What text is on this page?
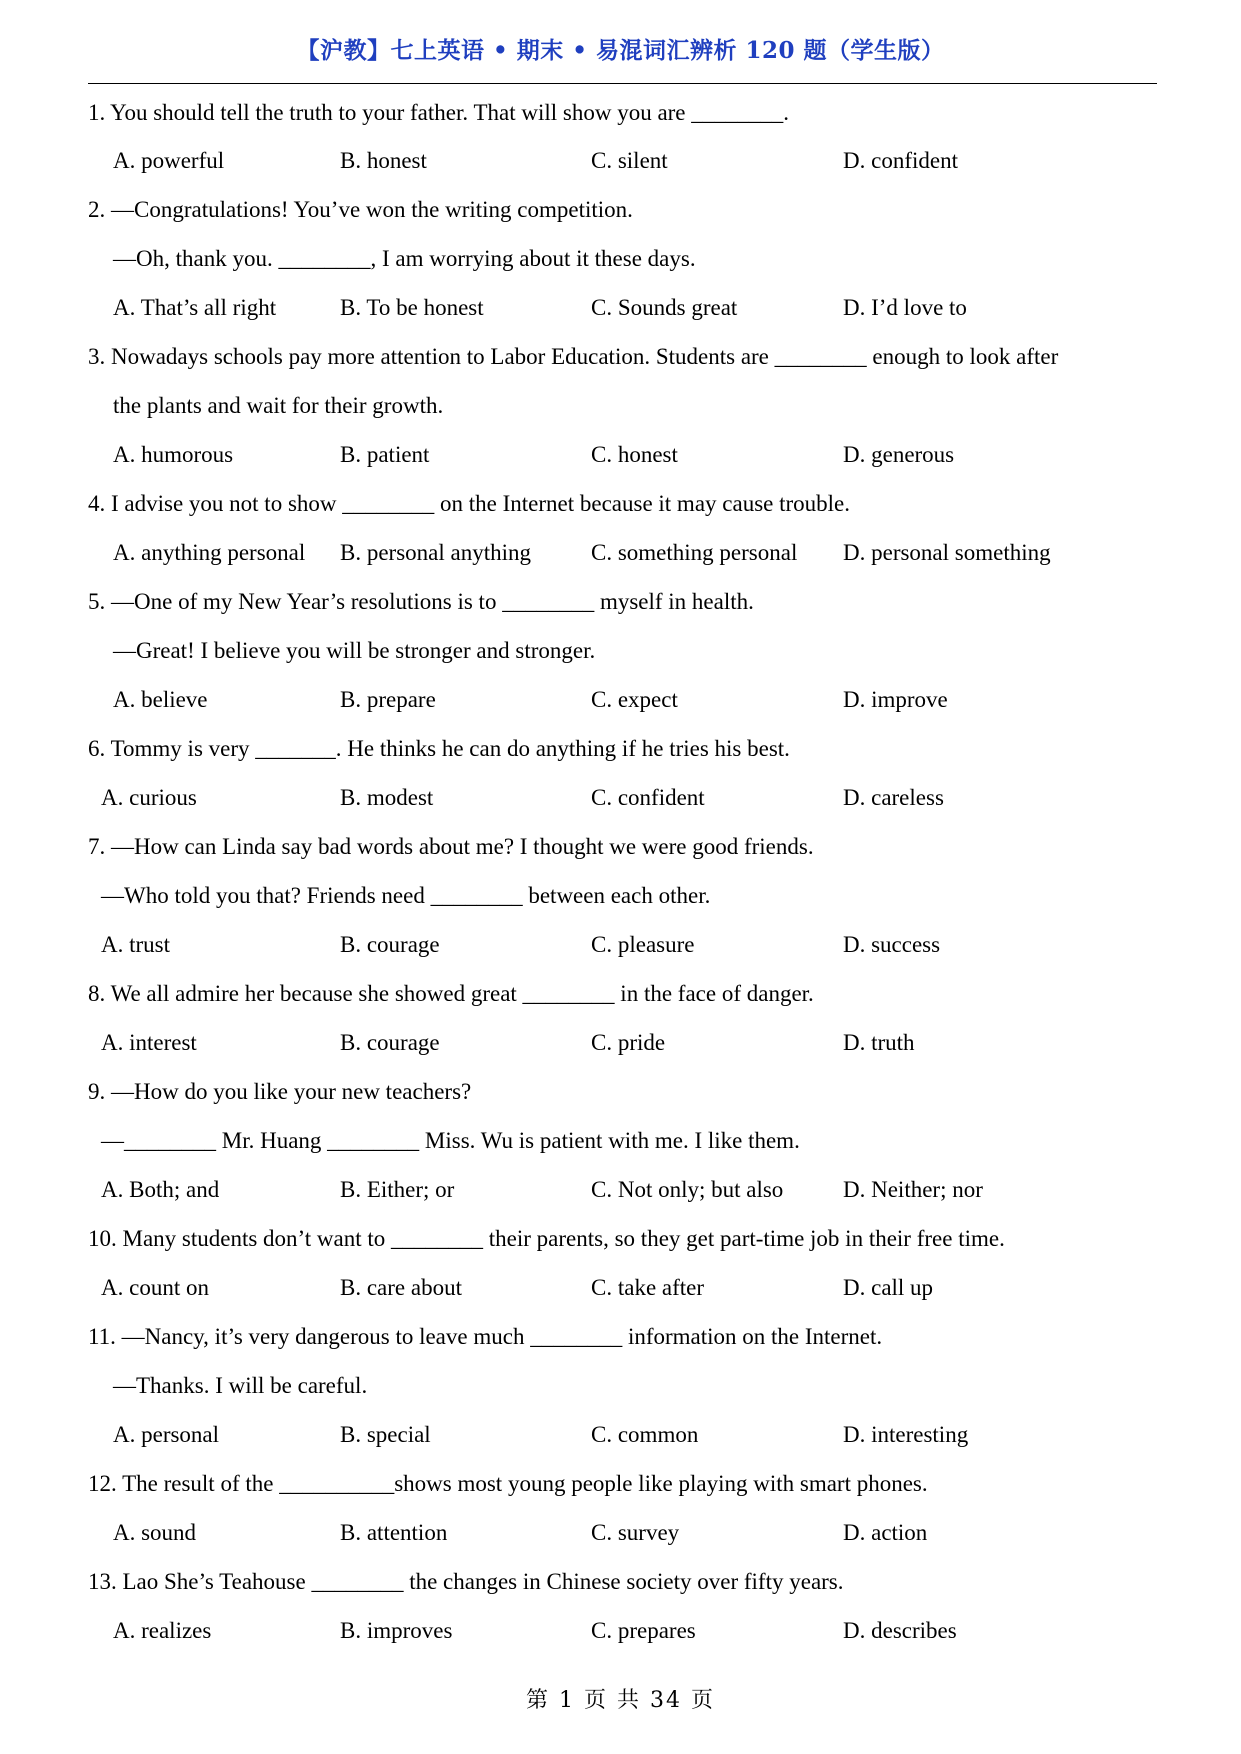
【沪教】七上英语 • 期末 • 易混词汇辨析 120 题（学生版）
1. You should tell the truth to your father. That will show you are ________.
A. powerful	B. honest	C. silent	D. confident
2. —Congratulations! You’ve won the writing competition.
—Oh, thank you. ________, I am worrying about it these days.
A. That’s all right	B. To be honest	C. Sounds great	D. I’d love to
3. Nowadays schools pay more attention to Labor Education. Students are ________ enough to look after
the plants and wait for their growth.
A. humorous	B. patient	C. honest	D. generous
4. I advise you not to show ________ on the Internet because it may cause trouble.
A. anything personal B. personal anything	C. something personal D. personal something
5. —One of my New Year’s resolutions is to ________ myself in health.
—Great! I believe you will be stronger and stronger.
A. believe	B. prepare	C. expect	D. improve
6. Tommy is very _______. He thinks he can do anything if he tries his best.
A. curious	B. modest	C. confident	D. careless
7. —How can Linda say bad words about me? I thought we were good friends.
—Who told you that? Friends need ________ between each other.
A. trust	B. courage	C. pleasure	D. success
8. We all admire her because she showed great ________ in the face of danger.
A. interest	B. courage	C. pride	D. truth
9. —How do you like your new teachers?
—________ Mr. Huang ________ Miss. Wu is patient with me. I like them.
A. Both; and	B. Either; or	C. Not only; but also	D. Neither; nor
10. Many students don’t want to ________ their parents, so they get part-time job in their free time.
A. count on	B. care about	C. take after	D. call up
11. —Nancy, it’s very dangerous to leave much ________ information on the Internet.
—Thanks. I will be careful.
A. personal	B. special	C. common	D. interesting
12. The result of the __________shows most young people like playing with smart phones.
A. sound	B. attention	C. survey	D. action
13. Lao She’s Teahouse ________ the changes in Chinese society over fifty years.
A. realizes	B. improves	C. prepares	D. describes
第 1 页 共 34 页
